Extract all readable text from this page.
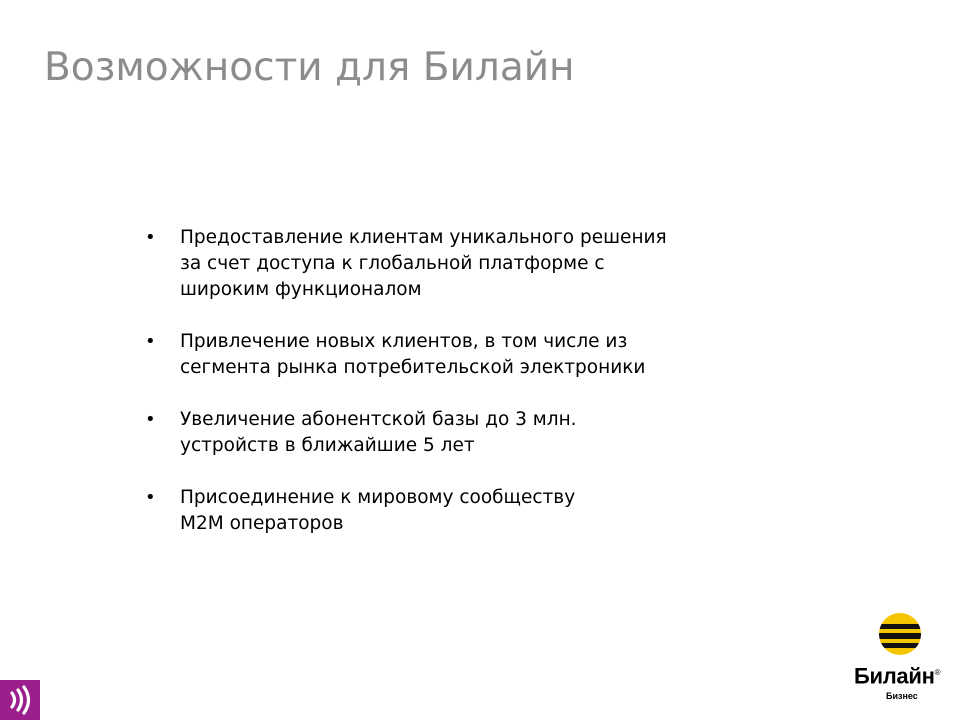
Возможности для Билайн
• Предоставление клиентам уникального решения
за счет доступа к глобальной платформе с
широким функционалом
• Привлечение новых клиентов, в том числе из
сегмента рынка потребительской электроники
• Увеличение абонентской базы до 3 млн.
устройств в ближайшие 5 лет
• Присоединение к мировому сообществу
M2M операторов
Билайн®
Бизнес
